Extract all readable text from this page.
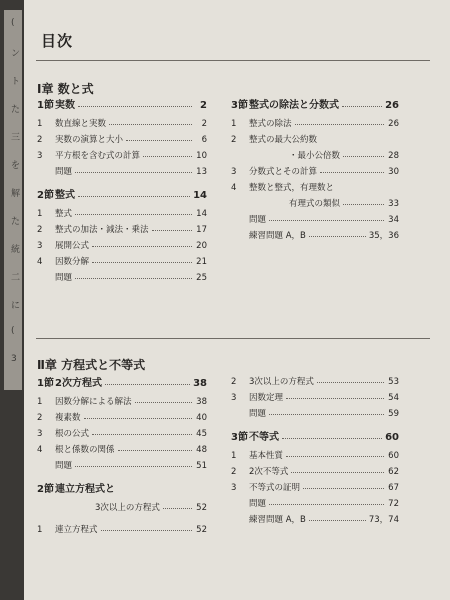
(
ン
ト
た
三
を
解
た
統
二
に
(
3
目次
Ⅰ章 数と式
1節 実数	2
1	数直線と実数	2
2	実数の演算と大小	6
3	平方根を含む式の計算	10
問題	13
2節 整式	14
1	整式	14
2	整式の加法・減法・乗法	17
3	展開公式	20
4	因数分解	21
問題	25
3節 整式の除法と分数式	26
1	整式の除法	26
2	整式の最大公約数
・最小公倍数	28
3	分数式とその計算	30
4	整数と整式，有理数と
有理式の類似	33
問題	34
練習問題 A，B	35，36
Ⅱ章 方程式と不等式
1節 2次方程式	38
1	因数分解による解法	38
2	複素数	40
3	根の公式	45
4	根と係数の関係	48
問題	51
2節 連立方程式と
3次以上の方程式	52
1	連立方程式	52
2	3次以上の方程式	53
3	因数定理	54
問題	59
3節 不等式	60
1	基本性質	60
2	2次不等式	62
3	不等式の証明	67
問題	72
練習問題 A，B	73，74
